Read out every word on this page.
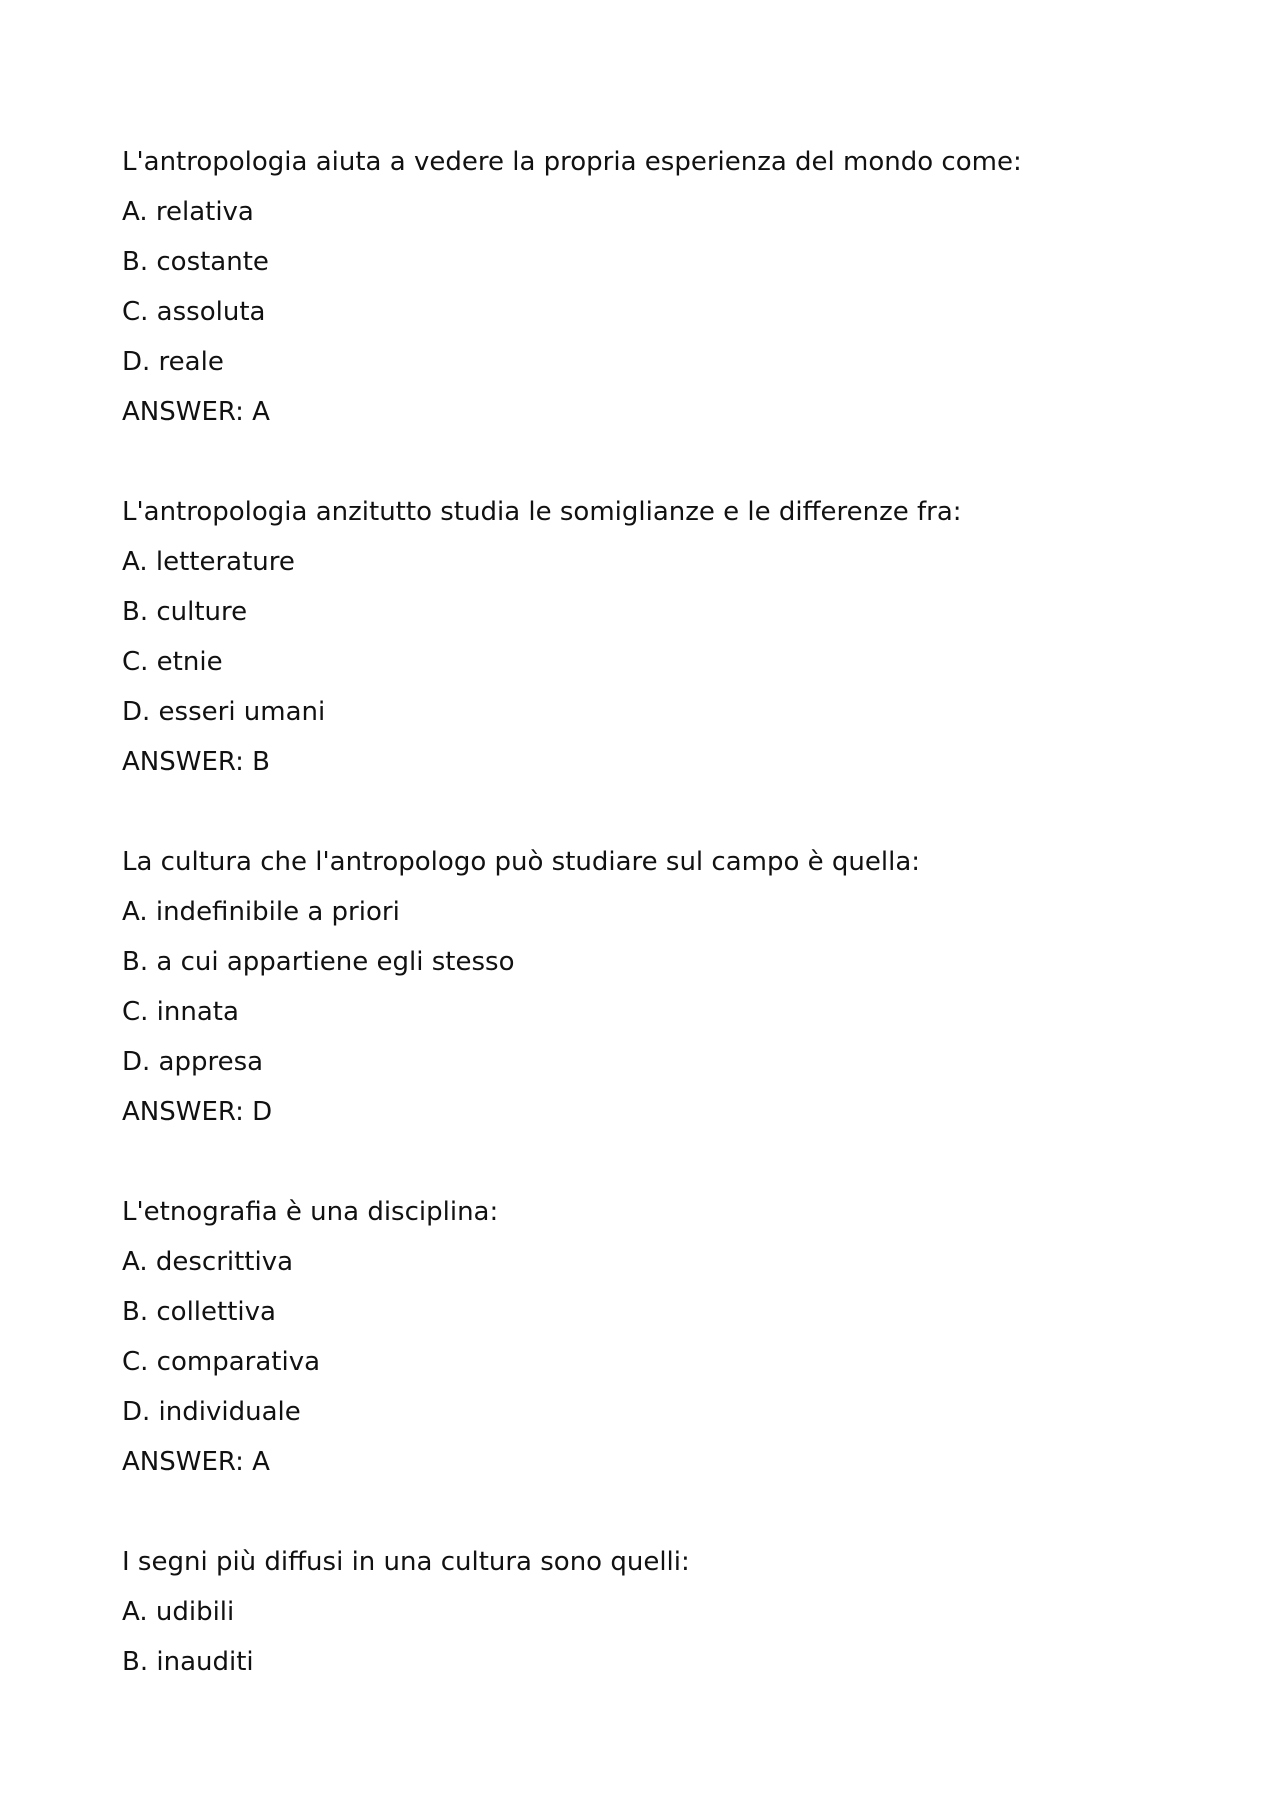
L'antropologia aiuta a vedere la propria esperienza del mondo come:
A. relativa
B. costante
C. assoluta
D. reale
ANSWER: A
L'antropologia anzitutto studia le somiglianze e le differenze fra:
A. letterature
B. culture
C. etnie
D. esseri umani
ANSWER: B
La cultura che l'antropologo può studiare sul campo è quella:
A. indefinibile a priori
B. a cui appartiene egli stesso
C. innata
D. appresa
ANSWER: D
L'etnografia è una disciplina:
A. descrittiva
B. collettiva
C. comparativa
D. individuale
ANSWER: A
I segni più diffusi in una cultura sono quelli:
A. udibili
B. inauditi
